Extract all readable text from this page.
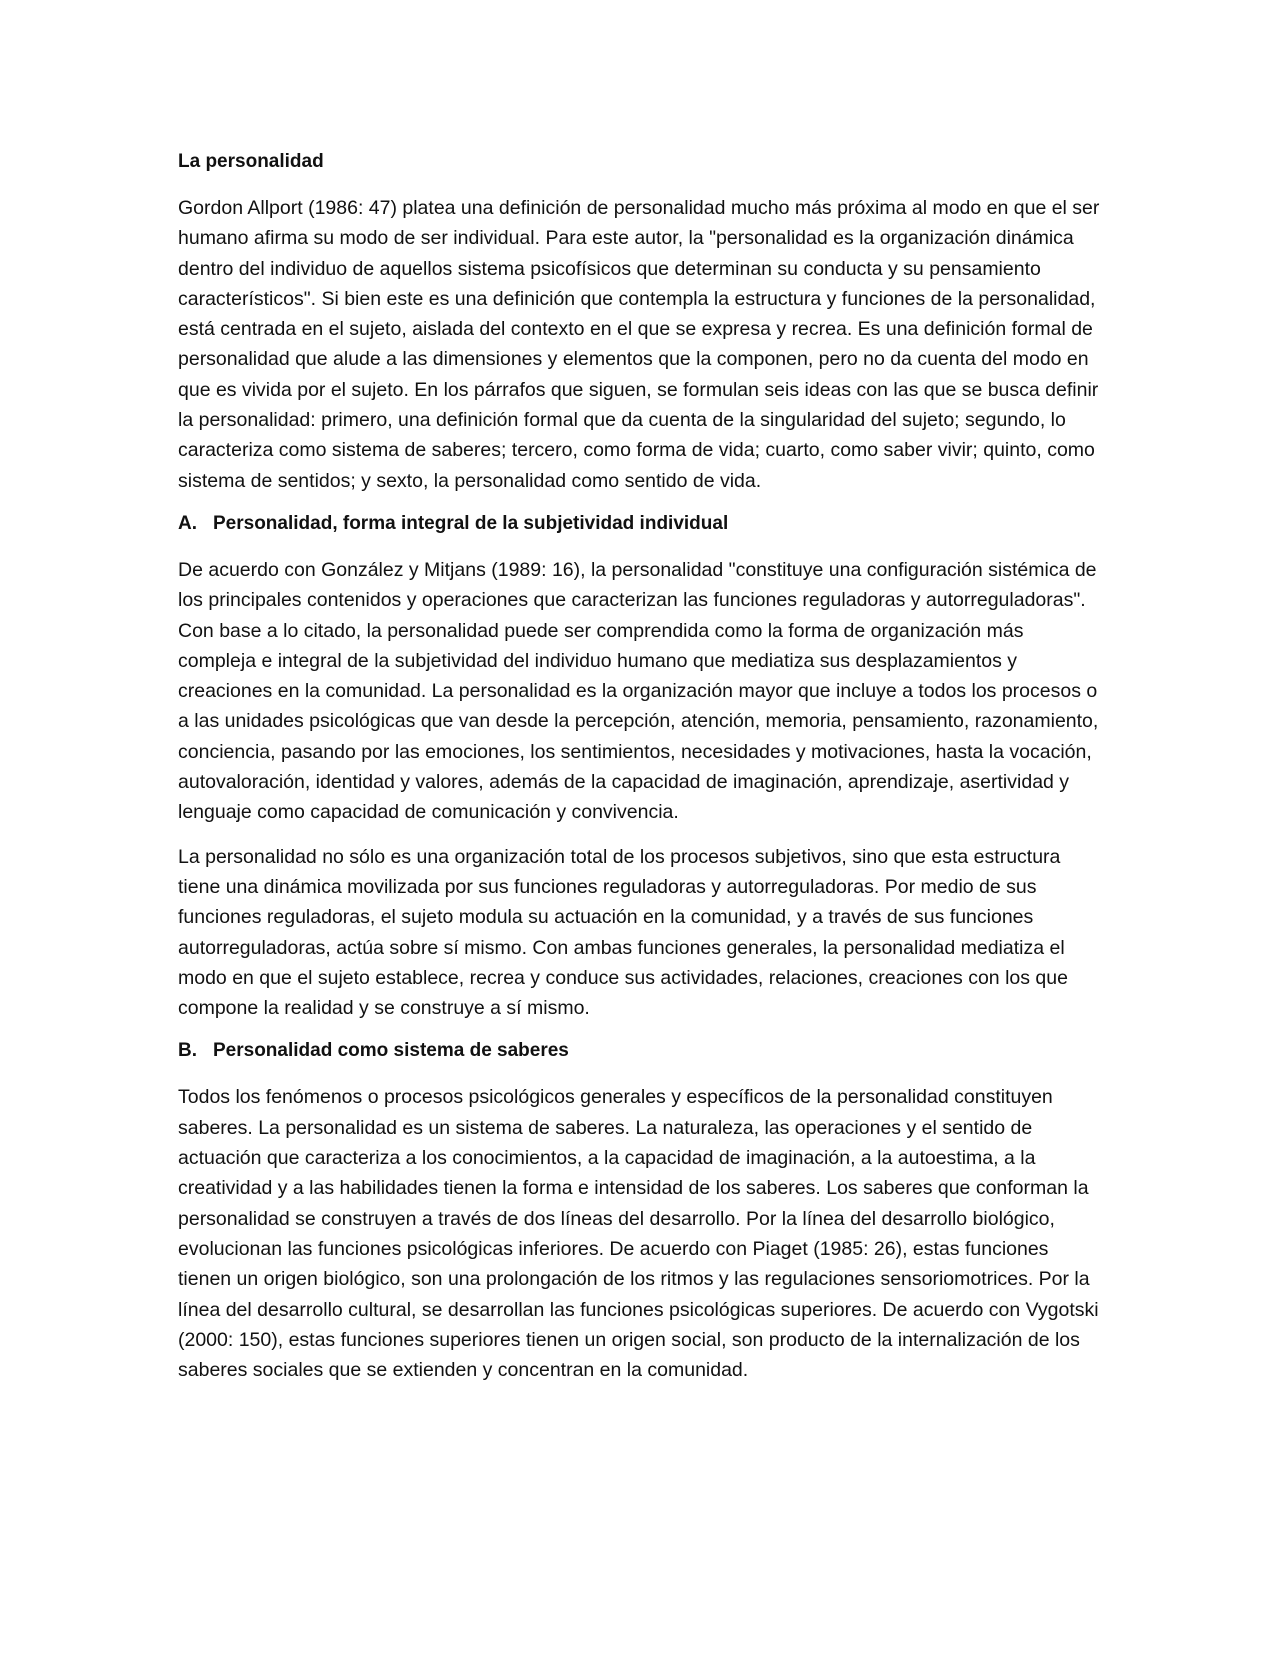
La personalidad

Gordon Allport (1986: 47) platea una definición de personalidad mucho más próxima al modo en que el ser humano afirma su modo de ser individual. Para este autor, la "personalidad es la organización dinámica dentro del individuo de aquellos sistema psicofísicos que determinan su conducta y su pensamiento característicos". Si bien este es una definición que contempla la estructura y funciones de la personalidad, está centrada en el sujeto, aislada del contexto en el que se expresa y recrea. Es una definición formal de personalidad que alude a las dimensiones y elementos que la componen, pero no da cuenta del modo en que es vivida por el sujeto. En los párrafos que siguen, se formulan seis ideas con las que se busca definir la personalidad: primero, una definición formal que da cuenta de la singularidad del sujeto; segundo, lo caracteriza como sistema de saberes; tercero, como forma de vida; cuarto, como saber vivir; quinto, como sistema de sentidos; y sexto, la personalidad como sentido de vida.

A. Personalidad, forma integral de la subjetividad individual

De acuerdo con González y Mitjans (1989: 16), la personalidad "constituye una configuración sistémica de los principales contenidos y operaciones que caracterizan las funciones reguladoras y autorreguladoras". Con base a lo citado, la personalidad puede ser comprendida como la forma de organización más compleja e integral de la subjetividad del individuo humano que mediatiza sus desplazamientos y creaciones en la comunidad. La personalidad es la organización mayor que incluye a todos los procesos o a las unidades psicológicas que van desde la percepción, atención, memoria, pensamiento, razonamiento, conciencia, pasando por las emociones, los sentimientos, necesidades y motivaciones, hasta la vocación, autovaloración, identidad y valores, además de la capacidad de imaginación, aprendizaje, asertividad y lenguaje como capacidad de comunicación y convivencia.

La personalidad no sólo es una organización total de los procesos subjetivos, sino que esta estructura tiene una dinámica movilizada por sus funciones reguladoras y autorreguladoras. Por medio de sus funciones reguladoras, el sujeto modula su actuación en la comunidad, y a través de sus funciones autorreguladoras, actúa sobre sí mismo. Con ambas funciones generales, la personalidad mediatiza el modo en que el sujeto establece, recrea y conduce sus actividades, relaciones, creaciones con los que compone la realidad y se construye a sí mismo.

B. Personalidad como sistema de saberes

Todos los fenómenos o procesos psicológicos generales y específicos de la personalidad constituyen saberes. La personalidad es un sistema de saberes. La naturaleza, las operaciones y el sentido de actuación que caracteriza a los conocimientos, a la capacidad de imaginación, a la autoestima, a la creatividad y a las habilidades tienen la forma e intensidad de los saberes. Los saberes que conforman la personalidad se construyen a través de dos líneas del desarrollo. Por la línea del desarrollo biológico, evolucionan las funciones psicológicas inferiores. De acuerdo con Piaget (1985: 26), estas funciones tienen un origen biológico, son una prolongación de los ritmos y las regulaciones sensoriomotrices. Por la línea del desarrollo cultural, se desarrollan las funciones psicológicas superiores. De acuerdo con Vygotski (2000: 150), estas funciones superiores tienen un origen social, son producto de la internalización de los saberes sociales que se extienden y concentran en la comunidad.
